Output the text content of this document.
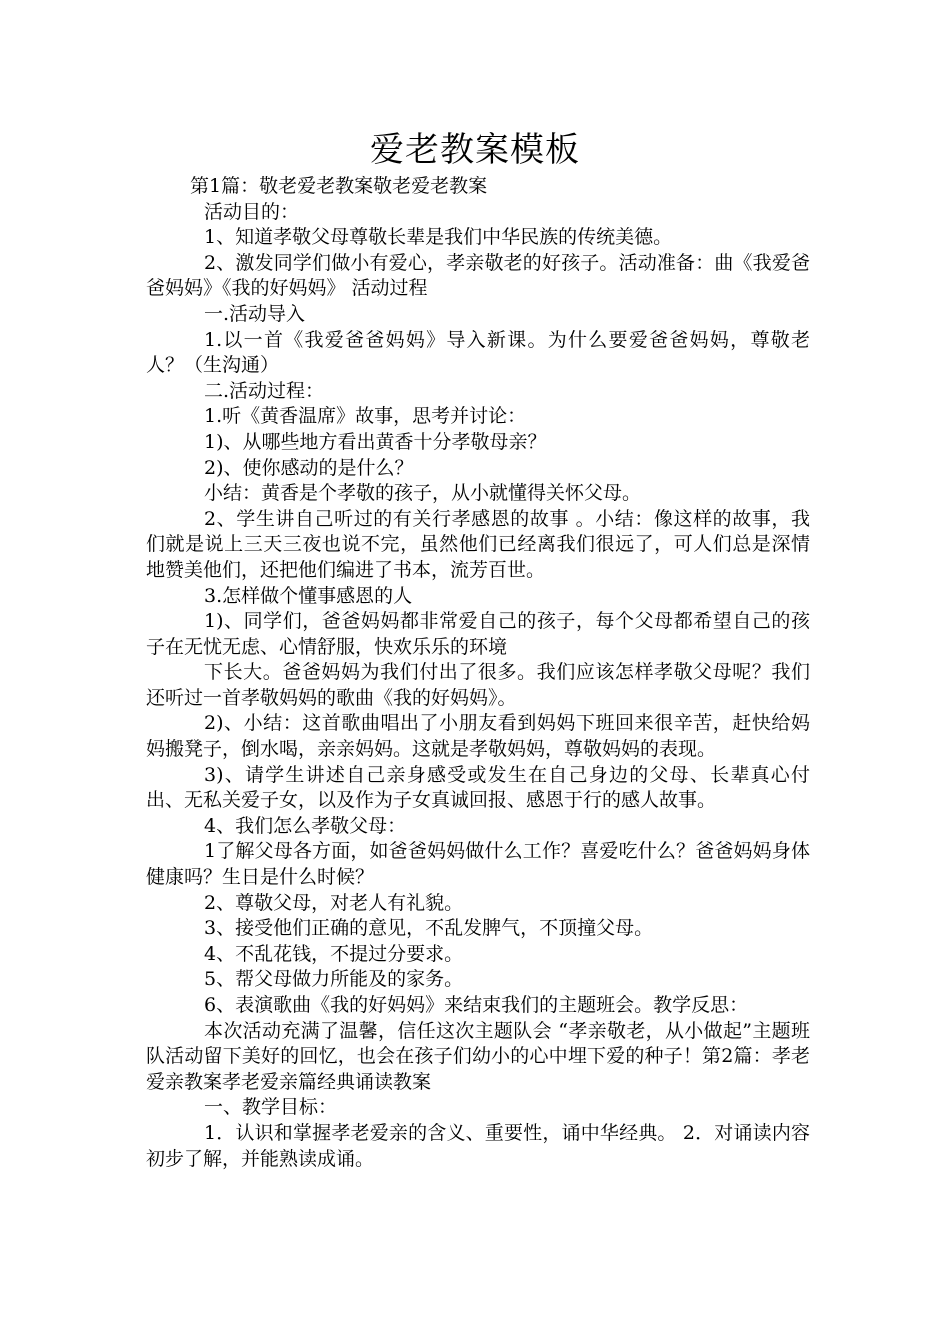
爱老教案模板

第1篇：敬老爱老教案敬老爱老教案

活动目的：

1、知道孝敬父母尊敬长辈是我们中华民族的传统美德。

2、激发同学们做小有爱心，孝亲敬老的好孩子。活动准备：曲《我爱爸爸妈妈》《我的好妈妈》 活动过程

一.活动导入

1.以一首《我爱爸爸妈妈》导入新课。为什么要爱爸爸妈妈，尊敬老人？（生沟通）

二.活动过程：

1.听《黄香温席》故事，思考并讨论：

1)、从哪些地方看出黄香十分孝敬母亲？

2)、使你感动的是什么？

小结：黄香是个孝敬的孩子，从小就懂得关怀父母。

2、学生讲自己听过的有关行孝感恩的故事 。小结：像这样的故事，我们就是说上三天三夜也说不完，虽然他们已经离我们很远了，可人们总是深情地赞美他们，还把他们编进了书本，流芳百世。

3.怎样做个懂事感恩的人

1)、同学们，爸爸妈妈都非常爱自己的孩子，每个父母都希望自己的孩子在无忧无虑、心情舒服，快欢乐乐的环境

下长大。爸爸妈妈为我们付出了很多。我们应该怎样孝敬父母呢？我们还听过一首孝敬妈妈的歌曲《我的好妈妈》。

2)、小结：这首歌曲唱出了小朋友看到妈妈下班回来很辛苦，赶快给妈妈搬凳子，倒水喝，亲亲妈妈。这就是孝敬妈妈，尊敬妈妈的表现。

3)、请学生讲述自己亲身感受或发生在自己身边的父母、长辈真心付出、无私关爱子女，以及作为子女真诚回报、感恩于行的感人故事。

4、我们怎么孝敬父母：

1了解父母各方面，如爸爸妈妈做什么工作？喜爱吃什么？爸爸妈妈身体健康吗？生日是什么时候？

2、尊敬父母，对老人有礼貌。

3、接受他们正确的意见，不乱发脾气，不顶撞父母。

4、不乱花钱，不提过分要求。

5、帮父母做力所能及的家务。

6、表演歌曲《我的好妈妈》来结束我们的主题班会。教学反思：

本次活动充满了温馨，信任这次主题队会 “孝亲敬老，从小做起”主题班队活动留下美好的回忆，也会在孩子们幼小的心中埋下爱的种子！第2篇：孝老爱亲教案孝老爱亲篇经典诵读教案

一、教学目标：

1．认识和掌握孝老爱亲的含义、重要性，诵中华经典。 2．对诵读内容初步了解，并能熟读成诵。
